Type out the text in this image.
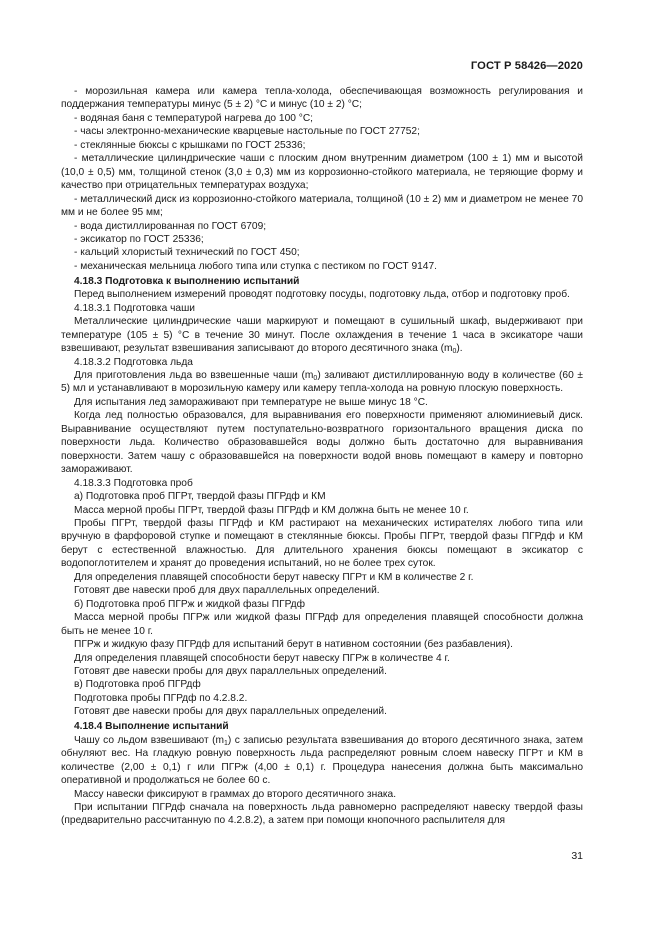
ГОСТ Р 58426—2020

- морозильная камера или камера тепла-холода, обеспечивающая возможность регулирования и поддержания температуры минус (5 ± 2) °С и минус (10 ± 2) °С;

- водяная баня с температурой нагрева до 100 °С;

- часы электронно-механические кварцевые настольные по ГОСТ 27752;

- стеклянные бюксы с крышками по ГОСТ 25336;

- металлические цилиндрические чаши с плоским дном внутренним диаметром (100 ± 1) мм и высотой (10,0 ± 0,5) мм, толщиной стенок (3,0 ± 0,3) мм из коррозионно-стойкого материала, не теряющие форму и качество при отрицательных температурах воздуха;

- металлический диск из коррозионно-стойкого материала, толщиной (10 ± 2) мм и диаметром не менее 70 мм и не более 95 мм;

- вода дистиллированная по ГОСТ 6709;

- эксикатор по ГОСТ 25336;

- кальций хлористый технический по ГОСТ 450;

- механическая мельница любого типа или ступка с пестиком по ГОСТ 9147.

4.18.3 Подготовка к выполнению испытаний

Перед выполнением измерений проводят подготовку посуды, подготовку льда, отбор и подготовку проб.

4.18.3.1 Подготовка чаши

Металлические цилиндрические чаши маркируют и помещают в сушильный шкаф, выдерживают при температуре (105 ± 5) °С в течение 30 минут. После охлаждения в течение 1 часа в эксикаторе чаши взвешивают, результат взвешивания записывают до второго десятичного знака $(m_0)$.

4.18.3.2 Подготовка льда

Для приготовления льда во взвешенные чаши $(m_0)$ заливают дистиллированную воду в количестве (60 ± 5) мл и устанавливают в морозильную камеру или камеру тепла-холода на ровную плоскую поверхность.

Для испытания лед замораживают при температуре не выше минус 18 °С.

Когда лед полностью образовался, для выравнивания его поверхности применяют алюминиевый диск. Выравнивание осуществляют путем поступательно-возвратного горизонтального вращения диска по поверхности льда. Количество образовавшейся воды должно быть достаточно для выравнивания поверхности. Затем чашу с образовавшейся на поверхности водой вновь помещают в камеру и повторно замораживают.

4.18.3.3 Подготовка проб

а) Подготовка проб ПГРт, твердой фазы ПГРдф и КМ

Масса мерной пробы ПГРт, твердой фазы ПГРдф и КМ должна быть не менее 10 г.

Пробы ПГРт, твердой фазы ПГРдф и КМ растирают на механических истирателях любого типа или вручную в фарфоровой ступке и помещают в стеклянные бюксы. Пробы ПГРт, твердой фазы ПГРдф и КМ берут с естественной влажностью. Для длительного хранения бюксы помещают в эксикатор с водопоглотителем и хранят до проведения испытаний, но не более трех суток.

Для определения плавящей способности берут навеску ПГРт и КМ в количестве 2 г.

Готовят две навески проб для двух параллельных определений.

б) Подготовка проб ПГРж и жидкой фазы ПГРдф

Масса мерной пробы ПГРж или жидкой фазы ПГРдф для определения плавящей способности должна быть не менее 10 г.

ПГРж и жидкую фазу ПГРдф для испытаний берут в нативном состоянии (без разбавления).

Для определения плавящей способности берут навеску ПГРж в количестве 4 г.

Готовят две навески пробы для двух параллельных определений.

в) Подготовка проб ПГРдф

Подготовка пробы ПГРдф по 4.2.8.2.

Готовят две навески пробы для двух параллельных определений.

4.18.4 Выполнение испытаний

Чашу со льдом взвешивают $(m_1)$ с записью результата взвешивания до второго десятичного знака, затем обнуляют вес. На гладкую ровную поверхность льда распределяют ровным слоем навеску ПГРт и КМ в количестве (2,00 ± 0,1) г или ПГРж (4,00 ± 0,1) г. Процедура нанесения должна быть максимально оперативной и продолжаться не более 60 с.

Массу навески фиксируют в граммах до второго десятичного знака.

При испытании ПГРдф сначала на поверхность льда равномерно распределяют навеску твердой фазы (предварительно рассчитанную по 4.2.8.2), а затем при помощи кнопочного распылителя для

31
